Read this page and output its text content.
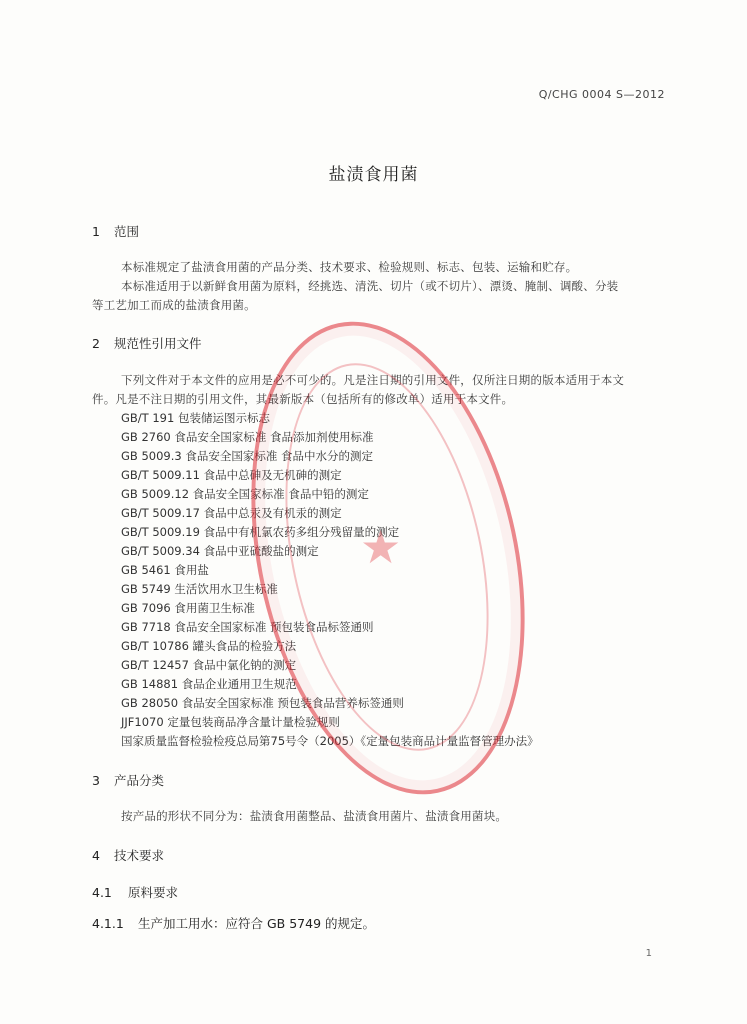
Q/CHG 0004 S—2012
盐渍食用菌
1 范围
本标准规定了盐渍食用菌的产品分类、技术要求、检验规则、标志、包装、运输和贮存。
本标准适用于以新鲜食用菌为原料，经挑选、清洗、切片（或不切片）、漂烫、腌制、调酸、分装
等工艺加工而成的盐渍食用菌。
2 规范性引用文件
下列文件对于本文件的应用是必不可少的。凡是注日期的引用文件，仅所注日期的版本适用于本文
件。凡是不注日期的引用文件，其最新版本（包括所有的修改单）适用于本文件。
GB/T 191 包装储运图示标志
GB 2760 食品安全国家标准 食品添加剂使用标准
GB 5009.3 食品安全国家标准 食品中水分的测定
GB/T 5009.11 食品中总砷及无机砷的测定
GB 5009.12 食品安全国家标准 食品中铅的测定
GB/T 5009.17 食品中总汞及有机汞的测定
GB/T 5009.19 食品中有机氯农药多组分残留量的测定
GB/T 5009.34 食品中亚硫酸盐的测定
GB 5461 食用盐
GB 5749 生活饮用水卫生标准
GB 7096 食用菌卫生标准
GB 7718 食品安全国家标准 预包装食品标签通则
GB/T 10786 罐头食品的检验方法
GB/T 12457 食品中氯化钠的测定
GB 14881 食品企业通用卫生规范
GB 28050 食品安全国家标准 预包装食品营养标签通则
JJF1070 定量包装商品净含量计量检验规则
国家质量监督检验检疫总局第75号令（2005）《定量包装商品计量监督管理办法》
3 产品分类
按产品的形状不同分为：盐渍食用菌整品、盐渍食用菌片、盐渍食用菌块。
4 技术要求
4.1 原料要求
4.1.1 生产加工用水：应符合 GB 5749 的规定。
1
★
